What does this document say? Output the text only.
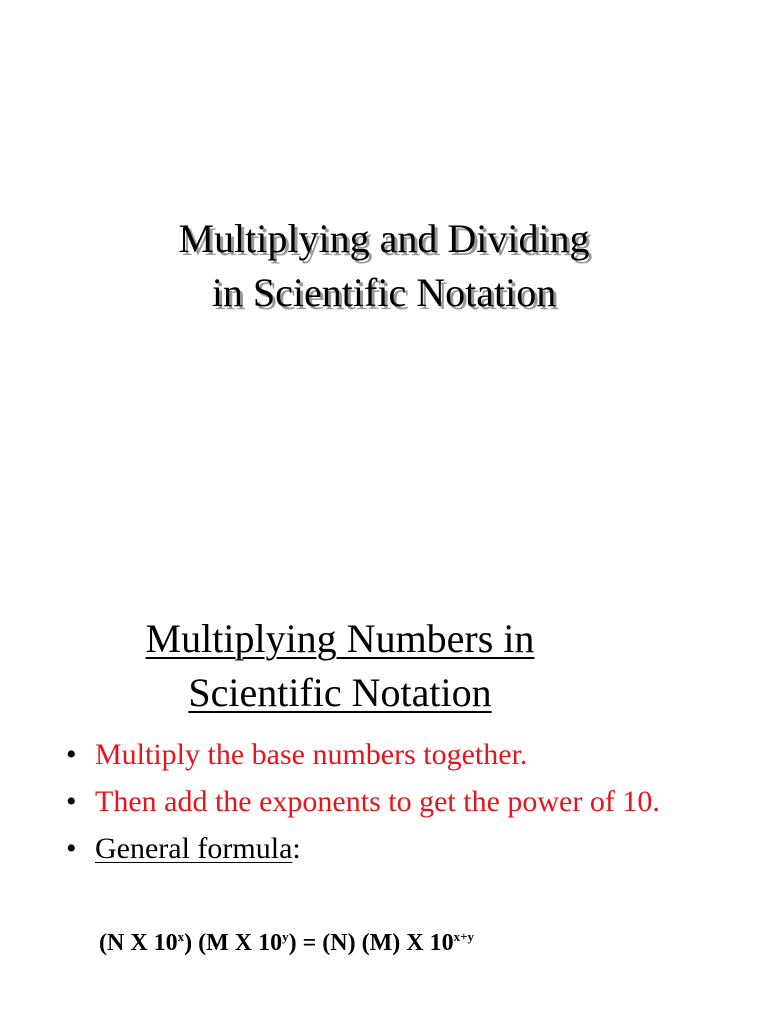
Multiplying and Dividing
in Scientific Notation
Multiplying Numbers in
Scientific Notation
• Multiply the base numbers together.
• Then add the exponents to get the power of 10.
• General formula:
(N X 10$^x$) (M X $10^y) = (N)$ (M) X $10^{x+y}$
